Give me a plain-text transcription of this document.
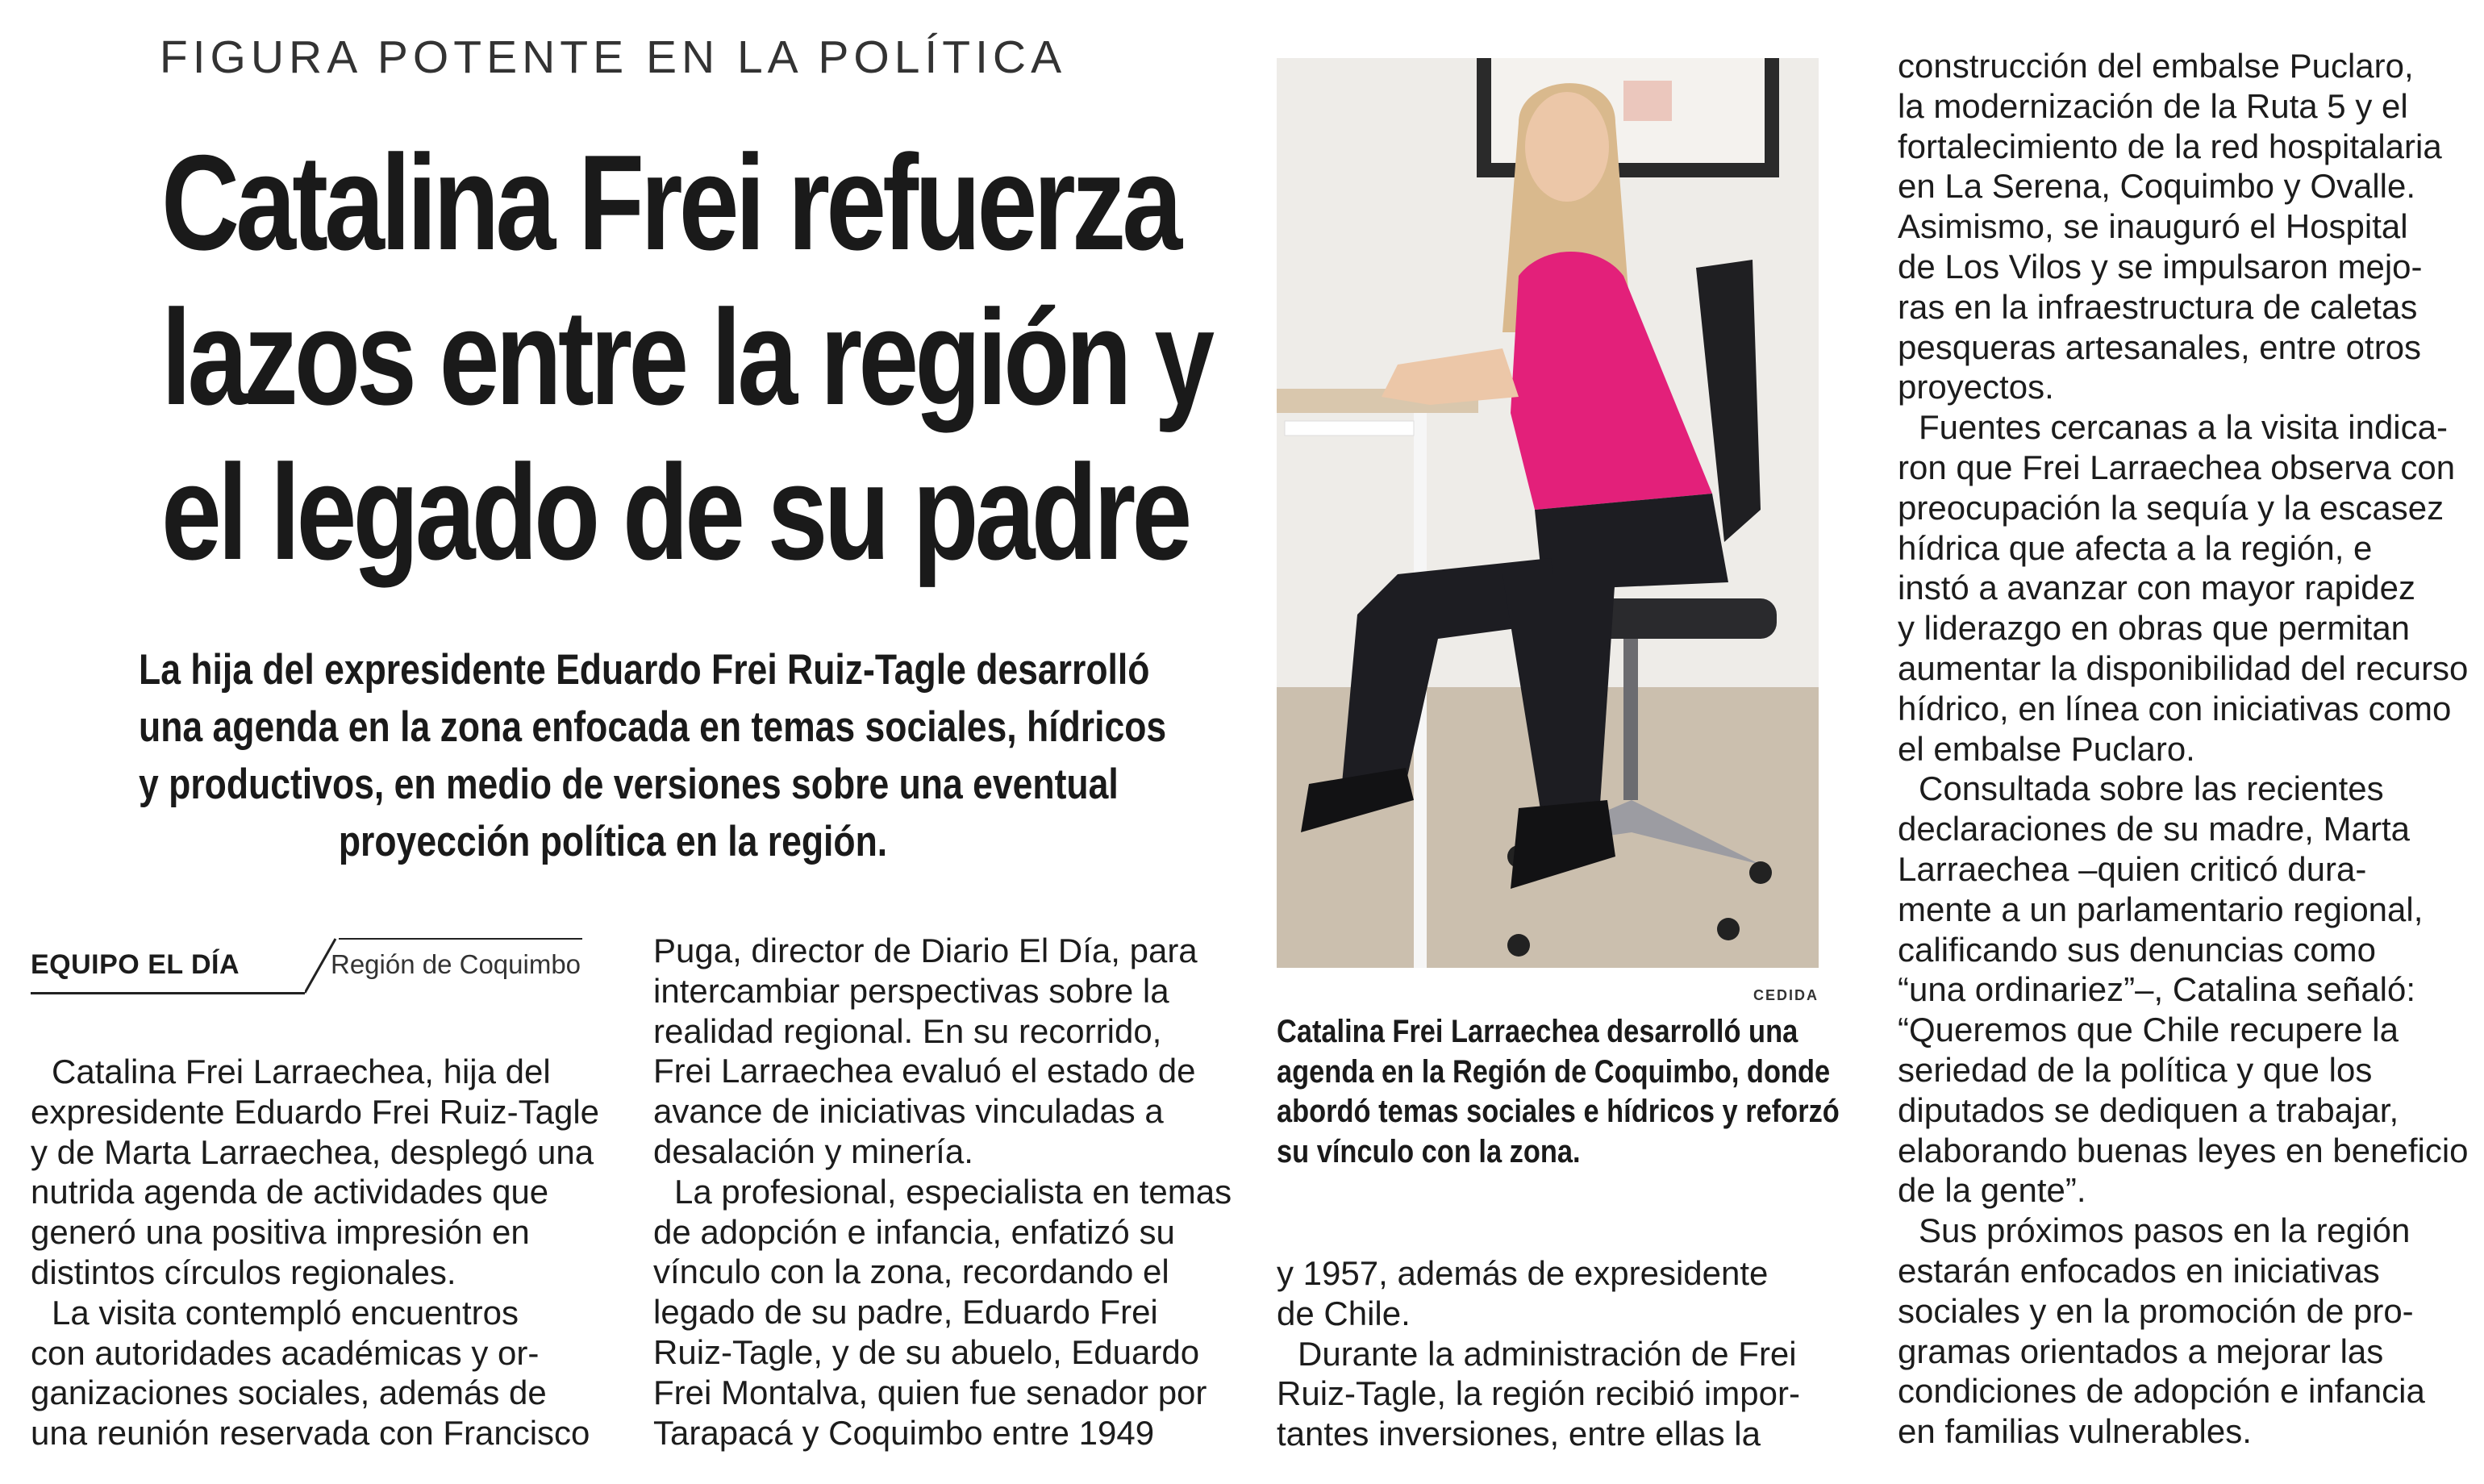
FIGURA POTENTE EN LA POLÍTICA
Catalina Frei refuerza
lazos entre la región y
el legado de su padre
La hija del expresidente Eduardo Frei Ruiz-Tagle desarrolló
una agenda en la zona enfocada en temas sociales, hídricos
y productivos, en medio de versiones sobre una eventual
proyección política en la región.
EQUIPO EL DÍA	Región de Coquimbo

Catalina Frei Larraechea, hija del
expresidente Eduardo Frei Ruiz-Tagle
y de Marta Larraechea, desplegó una
nutrida agenda de actividades que
generó una positiva impresión en
distintos círculos regionales.

La visita contempló encuentros
con autoridades académicas y or-
ganizaciones sociales, además de
una reunión reservada con Francisco

Puga, director de Diario El Día, para
intercambiar perspectivas sobre la
realidad regional. En su recorrido,
Frei Larraechea evaluó el estado de
avance de iniciativas vinculadas a
desalación y minería.

La profesional, especialista en temas
de adopción e infancia, enfatizó su
vínculo con la zona, recordando el
legado de su padre, Eduardo Frei
Ruiz-Tagle, y de su abuelo, Eduardo
Frei Montalva, quien fue senador por
Tarapacá y Coquimbo entre 1949

y 1957, además de expresidente
de Chile.

Durante la administración de Frei
Ruiz-Tagle, la región recibió impor-
tantes inversiones, entre ellas la

construcción del embalse Puclaro,
la modernización de la Ruta 5 y el
fortalecimiento de la red hospitalaria
en La Serena, Coquimbo y Ovalle.
Asimismo, se inauguró el Hospital
de Los Vilos y se impulsaron mejo-
ras en la infraestructura de caletas
pesqueras artesanales, entre otros
proyectos.

Fuentes cercanas a la visita indica-
ron que Frei Larraechea observa con
preocupación la sequía y la escasez
hídrica que afecta a la región, e
instó a avanzar con mayor rapidez
y liderazgo en obras que permitan
aumentar la disponibilidad del recurso
hídrico, en línea con iniciativas como
el embalse Puclaro.

Consultada sobre las recientes
declaraciones de su madre, Marta
Larraechea –quien criticó dura-
mente a un parlamentario regional,
calificando sus denuncias como
“una ordinariez”–, Catalina señaló:
“Queremos que Chile recupere la
seriedad de la política y que los
diputados se dediquen a trabajar,
elaborando buenas leyes en beneficio
de la gente”.

Sus próximos pasos en la región
estarán enfocados en iniciativas
sociales y en la promoción de pro-
gramas orientados a mejorar las
condiciones de adopción e infancia
en familias vulnerables.

CEDIDA
Catalina Frei Larraechea desarrolló una
agenda en la Región de Coquimbo, donde
abordó temas sociales e hídricos y reforzó
su vínculo con la zona.
